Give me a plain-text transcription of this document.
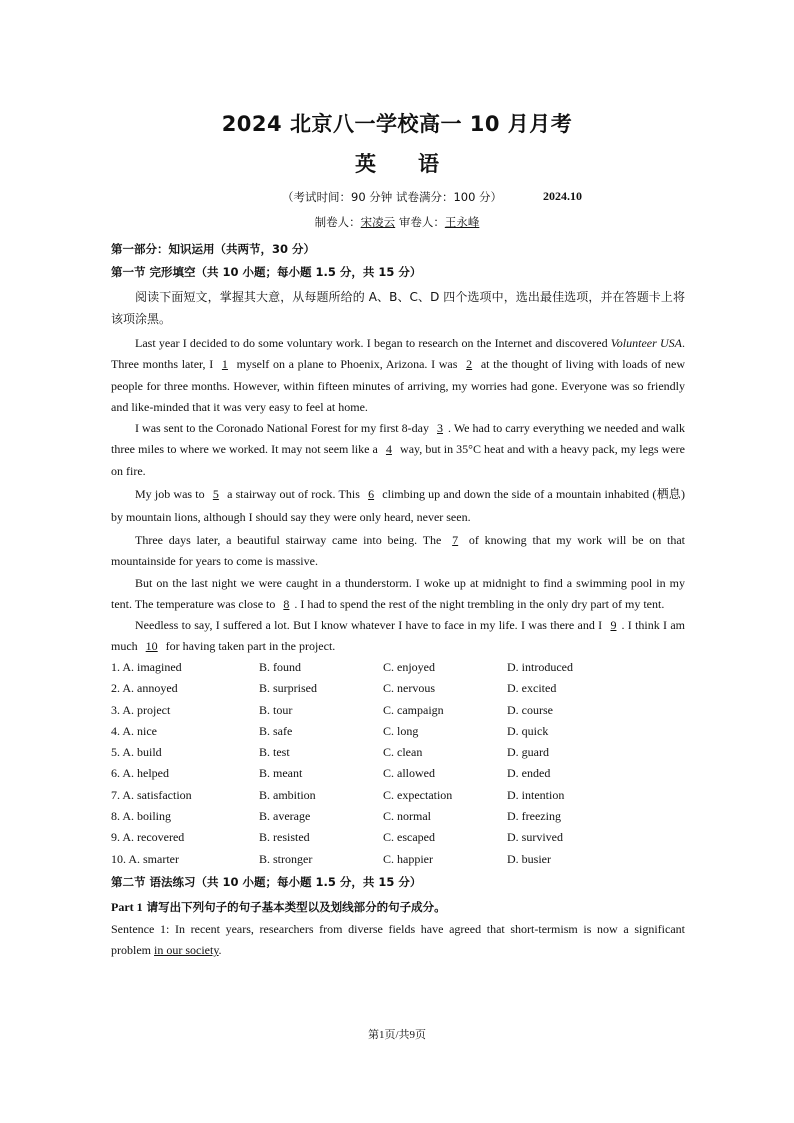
2024 北京八一学校高一 10 月月考
英语
（考试时间：90 分钟 试卷满分：100 分）	2024.10
制卷人：宋凌云 审卷人：王永峰
第一部分：知识运用（共两节，30 分）
第一节 完形填空（共 10 小题；每小题 1.5 分，共 15 分）
阅读下面短文，掌握其大意，从每题所给的 A、B、C、D 四个选项中，选出最佳选项，并在答题卡上将该项涂黑。
Last year I decided to do some voluntary work. I began to research on the Internet and discovered Volunteer USA. Three months later, I 1 myself on a plane to Phoenix, Arizona. I was 2 at the thought of living with loads of new people for three months. However, within fifteen minutes of arriving, my worries had gone. Everyone was so friendly and like-minded that it was very easy to feel at home.
I was sent to the Coronado National Forest for my first 8-day 3 . We had to carry everything we needed and walk three miles to where we worked. It may not seem like a 4 way, but in 35°C heat and with a heavy pack, my legs were on fire.
My job was to 5 a stairway out of rock. This 6 climbing up and down the side of a mountain inhabited (栖息) by mountain lions, although I should say they were only heard, never seen.
Three days later, a beautiful stairway came into being. The 7 of knowing that my work will be on that mountainside for years to come is massive.
But on the last night we were caught in a thunderstorm. I woke up at midnight to find a swimming pool in my tent. The temperature was close to 8 . I had to spend the rest of the night trembling in the only dry part of my tent.
Needless to say, I suffered a lot. But I know whatever I have to face in my life. I was there and I 9 . I think I am much 10 for having taken part in the project.
1. A. imagined	B. found	C. enjoyed	D. introduced
2. A. annoyed	B. surprised	C. nervous	D. excited
3. A. project	B. tour	C. campaign	D. course
4. A. nice	B. safe	C. long	D. quick
5. A. build	B. test	C. clean	D. guard
6. A. helped	B. meant	C. allowed	D. ended
7. A. satisfaction	B. ambition	C. expectation	D. intention
8. A. boiling	B. average	C. normal	D. freezing
9. A. recovered	B. resisted	C. escaped	D. survived
10. A. smarter	B. stronger	C. happier	D. busier
第二节 语法练习（共 10 小题；每小题 1.5 分，共 15 分）
Part 1 请写出下列句子的句子基本类型以及划线部分的句子成分。
Sentence 1: In recent years, researchers from diverse fields have agreed that short-termism is now a significant problem in our society.
第1页/共9页
